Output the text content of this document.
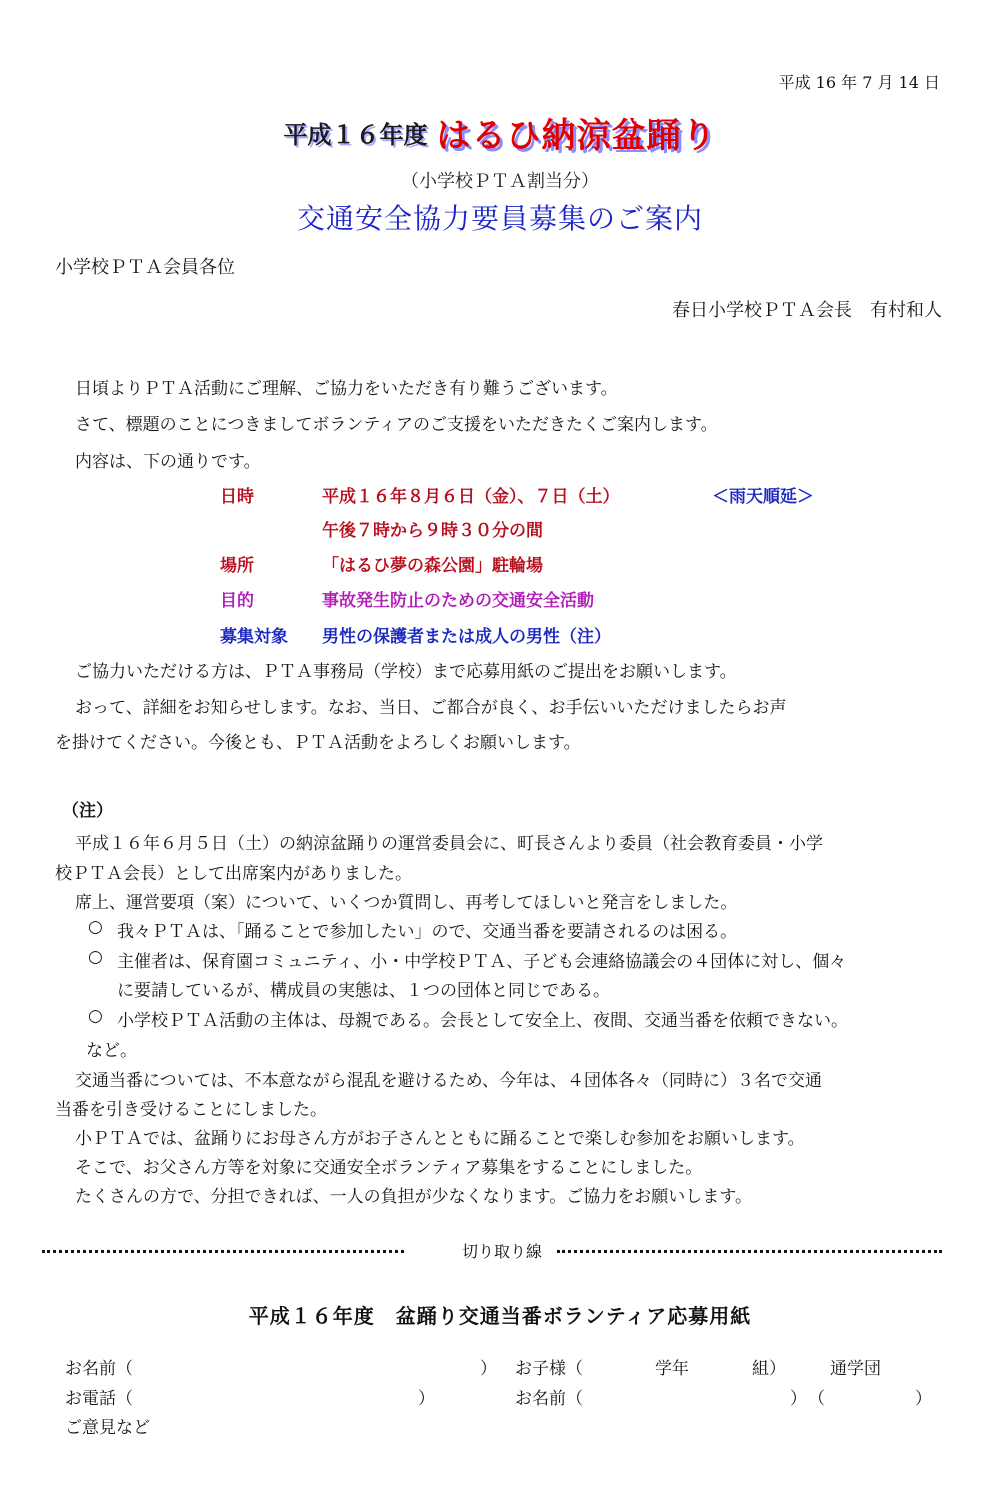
平成 16 年 7 月 14 日
平成１６年度 はるひ納涼盆踊り
（小学校ＰＴＡ割当分）
交通安全協力要員募集のご案内
小学校ＰＴＡ会員各位
春日小学校ＰＴＡ会長　有村和人
日頃よりＰＴＡ活動にご理解、ご協力をいただき有り難うございます。
さて、標題のことにつきましてボランティアのご支援をいただきたくご案内します。
内容は、下の通りです。
日時	平成１６年８月６日（金）、７日（土）	＜雨天順延＞
午後７時から９時３０分の間
場所	「はるひ夢の森公園」駐輪場
目的	事故発生防止のための交通安全活動
募集対象 男性の保護者または成人の男性（注）
ご協力いただける方は、ＰＴＡ事務局（学校）まで応募用紙のご提出をお願いします。
おって、詳細をお知らせします。なお、当日、ご都合が良く、お手伝いいただけましたらお声
を掛けてください。今後とも、ＰＴＡ活動をよろしくお願いします。
（注）
平成１６年６月５日（土）の納涼盆踊りの運営委員会に、町長さんより委員（社会教育委員・小学
校ＰＴＡ会長）として出席案内がありました。
席上、運営要項（案）について、いくつか質問し、再考してほしいと発言をしました。
○ 我々ＰＴＡは、「踊ることで参加したい」ので、交通当番を要請されるのは困る。
○ 主催者は、保育園コミュニティ、小・中学校ＰＴＡ、子ども会連絡協議会の４団体に対し、個々
に要請しているが、構成員の実態は、１つの団体と同じである。
○ 小学校ＰＴＡ活動の主体は、母親である。会長として安全上、夜間、交通当番を依頼できない。
など。
交通当番については、不本意ながら混乱を避けるため、今年は、４団体各々（同時に）３名で交通
当番を引き受けることにしました。
小ＰＴＡでは、盆踊りにお母さん方がお子さんとともに踊ることで楽しむ参加をお願いします。
そこで、お父さん方等を対象に交通安全ボランティア募集をすることにしました。
たくさんの方で、分担できれば、一人の負担が少なくなります。ご協力をお願いします。
切り取り線
平成１６年度　盆踊り交通当番ボランティア応募用紙
お名前（	） お子様（	学年	組）	通学団
お電話（	）	お名前（	） （	）
ご意見など
